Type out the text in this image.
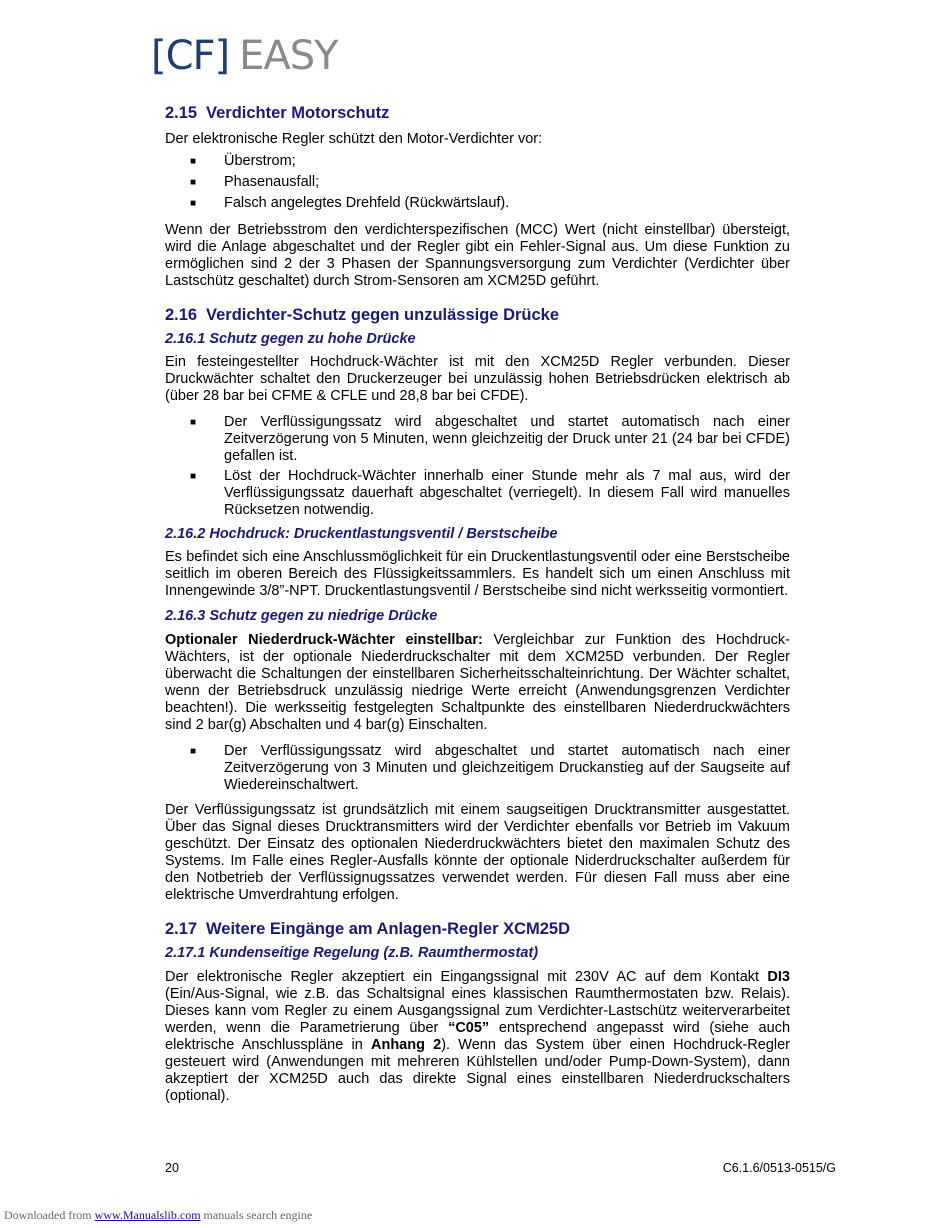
[CF] EASY
2.15 Verdichter Motorschutz

Der elektronische Regler schützt den Motor-Verdichter vor:

■ Überstrom;
■ Phasenausfall;
■ Falsch angelegtes Drehfeld (Rückwärtslauf).

Wenn der Betriebsstrom den verdichterspezifischen (MCC) Wert (nicht einstellbar) übersteigt, wird die Anlage abgeschaltet und der Regler gibt ein Fehler-Signal aus. Um diese Funktion zu ermöglichen sind 2 der 3 Phasen der Spannungsversorgung zum Verdichter (Verdichter über Lastschütz geschaltet) durch Strom-Sensoren am XCM25D geführt.

2.16 Verdichter-Schutz gegen unzulässige Drücke
2.16.1 Schutz gegen zu hohe Drücke

Ein festeingestellter Hochdruck-Wächter ist mit den XCM25D Regler verbunden. Dieser Druckwächter schaltet den Druckerzeuger bei unzulässig hohen Betriebsdrücken elektrisch ab (über 28 bar bei CFME & CFLE und 28,8 bar bei CFDE).

■ Der Verflüssigungssatz wird abgeschaltet und startet automatisch nach einer Zeitverzögerung von 5 Minuten, wenn gleichzeitig der Druck unter 21 (24 bar bei CFDE) gefallen ist.
■ Löst der Hochdruck-Wächter innerhalb einer Stunde mehr als 7 mal aus, wird der Verflüssigungssatz dauerhaft abgeschaltet (verriegelt). In diesem Fall wird manuelles Rücksetzen notwendig.
2.16.2 Hochdruck: Druckentlastungsventil / Berstscheibe

Es befindet sich eine Anschlussmöglichkeit für ein Druckentlastungsventil oder eine Berstscheibe seitlich im oberen Bereich des Flüssigkeitssammlers. Es handelt sich um einen Anschluss mit Innengewinde 3/8”-NPT. Druckentlastungsventil / Berstscheibe sind nicht werksseitig vormontiert.

2.16.3 Schutz gegen zu niedrige Drücke

Optionaler Niederdruck-Wächter einstellbar: Vergleichbar zur Funktion des Hochdruck-Wächters, ist der optionale Niederdruckschalter mit dem XCM25D verbunden. Der Regler überwacht die Schaltungen der einstellbaren Sicherheitsschalteinrichtung. Der Wächter schaltet, wenn der Betriebsdruck unzulässig niedrige Werte erreicht (Anwendungsgrenzen Verdichter beachten!). Die werksseitig festgelegten Schaltpunkte des einstellbaren Niederdruckwächters sind 2 bar(g) Abschalten und 4 bar(g) Einschalten.

■ Der Verflüssigungssatz wird abgeschaltet und startet automatisch nach einer Zeitverzögerung von 3 Minuten und gleichzeitigem Druckanstieg auf der Saugseite auf Wiedereinschaltwert.

Der Verflüssigungssatz ist grundsätzlich mit einem saugseitigen Drucktransmitter ausgestattet. Über das Signal dieses Drucktransmitters wird der Verdichter ebenfalls vor Betrieb im Vakuum geschützt. Der Einsatz des optionalen Niederdruckwächters bietet den maximalen Schutz des Systems. Im Falle eines Regler-Ausfalls könnte der optionale Niderdruckschalter außerdem für den Notbetrieb der Verflüssignugssatzes verwendet werden. Für diesen Fall muss aber eine elektrische Umverdrahtung erfolgen.

2.17 Weitere Eingänge am Anlagen-Regler XCM25D
2.17.1 Kundenseitige Regelung (z.B. Raumthermostat)

Der elektronische Regler akzeptiert ein Eingangssignal mit 230V AC auf dem Kontakt DI3 (Ein/Aus-Signal, wie z.B. das Schaltsignal eines klassischen Raumthermostaten bzw. Relais). Dieses kann vom Regler zu einem Ausgangssignal zum Verdichter-Lastschütz weiterverarbeitet werden, wenn die Parametrierung über “C05” entsprechend angepasst wird (siehe auch elektrische Anschlusspläne in Anhang 2). Wenn das System über einen Hochdruck-Regler gesteuert wird (Anwendungen mit mehreren Kühlstellen und/oder Pump-Down-System), dann akzeptiert der XCM25D auch das direkte Signal eines einstellbaren Niederdruckschalters (optional).

20	C6.1.6/0513-0515/G
Downloaded from www.Manualslib.com manuals search engine
